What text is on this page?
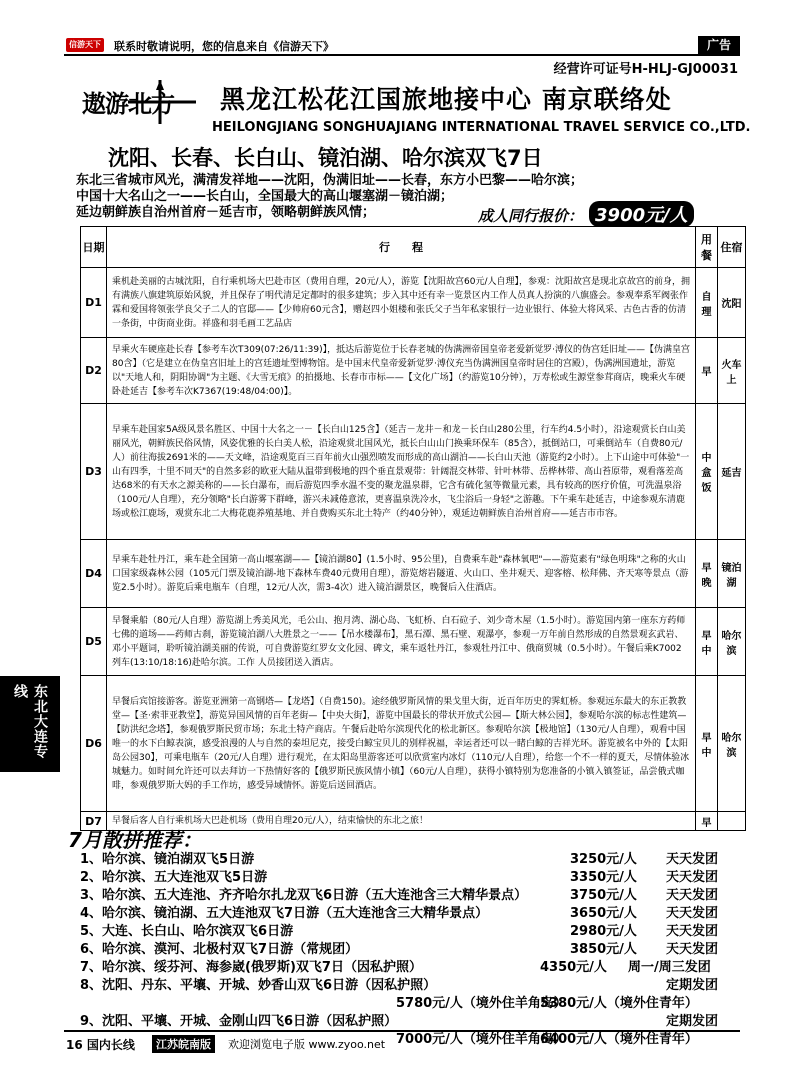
信游天下 联系时敬请说明，您的信息来自《信游天下》	广告
经营许可证号H-HLJ-GJ00031
遨游北方 黑龙江松花江国旅地接中心 南京联络处
HEILONGJIANG SONGHUAJIANG INTERNATIONAL TRAVEL SERVICE CO.,LTD.
沈阳、长春、长白山、镜泊湖、哈尔滨双飞7日
东北三省城市风光，满清发祥地——沈阳，伪满旧址——长春，东方小巴黎——哈尔滨；
中国十大名山之一——长白山，全国最大的高山堰塞湖－镜泊湖；
延边朝鲜族自治州首府－延吉市，领略朝鲜族风情；	成人同行报价： 3900元/人
日期	行　　程	用餐	住宿
D1	乘机赴美丽的古城沈阳，自行乘机场大巴赴市区（费用自理，20元/人），游览【沈阳故宫60元/人自理】，参观：沈阳故宫是现北京故宫的前身，拥有满族八旗建筑原始风貌，并且保存了明代清足定都时的很多建筑；步入其中还有幸一览景区内工作人员真人扮演的八旗盛会。参观奉系军阀张作霖和爱国将领张学良父子二人的官邸——【少帅府60元含】，赠赵四小姐楼和张氏父子当年私家银行一边业银行、体验大将风采、古色古香的仿清一条街，中街商业街。祥盛和羽毛画工艺品店	自理	沈阳
D2	早乘火车硬座赴长春【参考车次T309(07:26/11:39)】，抵达后游览位于长春老城的伪满洲帝国皇帝老爱新觉罗·溥仪的伪宫廷旧址——【伪满皇宫80含】（它是建立在伪皇宫旧址上的宫廷遗址型博物馆。是中国末代皇帝爱新觉罗·溥仪充当伪满洲国皇帝时居住的宫殿），伪满洲国遗址，游览以"天地人和，阴阳协调"为主题、《大雪无痕》的拍摄地、长春市市标——【文化广场】（约游览10分钟），万寿松或生源堂参茸商店，晚乘火车硬卧赴延吉【参考车次K7367(19:48/04:00)】。	早	火车上
D3	早乘车赴国家5A级风景名胜区、中国十大名之一－【长白山125含】（延吉－龙井－和龙－长白山280公里，行车约4.5小时），沿途观赏长白山美丽风光，朝鲜族民俗风情，风姿优雅的长白美人松，沿途观赏北国风光，抵长白山山门换乘环保车（85含），抵倒站口，可乘倒站车（自费80元/人）前往海拔2691米的——天文峰，沿途观览百三百年前火山强烈喷发而形成的高山湖泊——长白山天池（游览约2小时）。上下山途中可体验"一山有四季，十里不同天"的自然多彩的欧亚大陆从温带到极地的四个垂直景观带：针阔混交林带、针叶林带、岳桦林带、高山苔原带，观看落差高达68米的有天水之源美称的——长白瀑布，而后游览四季水温不变的聚龙温泉群，它含有硫化氢等微量元素，具有较高的医疗价值，可洗温泉浴（100元/人自理），充分领略"长白游雾下群峰，游兴未减倦意浓，更喜温泉洗冷水，飞尘浴后一身轻"之游趣。下午乘车赴延吉，中途参观东清鹿场或松江鹿场，观赏东北二大梅花鹿养殖基地、并自费购买东北土特产（约40分钟），观延边朝鲜族自治州首府——延吉市市容。	中盒饭	延吉
D4	早乘车赴牡丹江，乘车赴全国第一高山堰塞湖——【镜泊湖80】(1.5小时、95公里)，自费乘车赴"森林氧吧"——游览素有"绿色明珠"之称的火山口国家级森林公园（105元门票及镜泊湖-地下森林车费40元费用自理），游览熔岩隧道、火山口、坐井观天、迎客榕、松拜佛、齐天寒等景点（游览2.5小时）。游览后乘电瓶车（自理，12元/人次，需3-4次）进入镜泊湖景区，晚餐后入住酒店。	早晚	镜泊湖
D5	早餐乘船（80元/人自理）游览湖上秀美风光，毛公山、抱月湾、湖心岛、飞虹桥、白石砬子、刘少奇木屋（1.5小时）。游览国内第一座东方药师七佛的道场——药师古刹，游览镜泊湖八大胜景之一——【吊水楼瀑布】，黑石潭、黑石壁、观瀑亭，参观一万年前自然形成的自然景观玄武岩、邓小平题词，聆听镜泊湖美丽的传说，可自费游览红罗女文化园、碑文，乘车返牡丹江，参观牡丹江中、俄商贸城（0.5小时）。午餐后乘K7002列车(13:10/18:16)赴哈尔滨。工作 人员接团送入酒店。	早中	哈尔滨
D6	早餐后宾馆接游客。游览亚洲第一高钢塔—【龙塔】（自费150)。途经俄罗斯风情的果戈里大街，近百年历史的霁虹桥。参观远东最大的东正教教堂—【圣·索菲亚教堂】，游览异国风情的百年老街—【中央大街】，游览中国最长的带状开放式公园—【斯大林公园】，参观哈尔滨的标志性建筑—【防洪纪念塔】，参观俄罗斯民贸市场；东北土特产商店。午餐后赴哈尔滨现代化的松北新区。参观哈尔滨【极地馆】（130元/人自理），观看中国唯一的水下白鲸表演，感受浪漫的人与自然的泰坦尼克，接受白鲸宝贝儿的别样祝福，幸运者还可以一睹白鲸的吉祥光环。游览被名中外的【太阳岛公园30】，可乘电瓶车（20元/人自理）进行观光，在太阳岛里游客还可以欣赏室内冰灯（110元/人自理），给您一个不一样的夏天，尽情体验冰城魅力。如时间允许还可以去拜访一下热情好客的【俄罗斯民族风情小镇】（60元/人自理），获得小镇特别为您准备的小镇入镇签证，品尝俄式咖啡，参观俄罗斯大妈的手工作坊，感受异域情怀。游览后送回酒店。	早中	哈尔滨
D7	早餐后客人自行乘机场大巴赴机场（费用自理20元/人），结束愉快的东北之旅！	早	
东北大连专线
7月散拼推荐：
1、哈尔滨、镜泊湖双飞5日游	3250元/人 天天发团
2、哈尔滨、五大连池双飞5日游	3350元/人 天天发团
3、哈尔滨、五大连池、齐齐哈尔扎龙双飞6日游（五大连池含三大精华景点）	3750元/人 天天发团
4、哈尔滨、镜泊湖、五大连池双飞7日游（五大连池含三大精华景点）	3650元/人 天天发团
5、大连、长白山、哈尔滨双飞6日游	2980元/人 天天发团
6、哈尔滨、漠河、北极村双飞7日游（常规团）	3850元/人 天天发团
7、哈尔滨、绥芬河、海参崴(俄罗斯)双飞7日（因私护照）	4350元/人 周一/周三发团
8、沈阳、丹东、平壤、开城、妙香山双飞6日游（因私护照）	定期发团
5780元/人（境外住羊角岛）
5380元/人（境外住青年）
9、沈阳、平壤、开城、金刚山四飞6日游（因私护照）	定期发团
7000元/人（境外住羊角岛）
6400元/人（境外住青年）
16 国内长线	江苏皖南版	欢迎浏览电子版 www.zyoo.net
